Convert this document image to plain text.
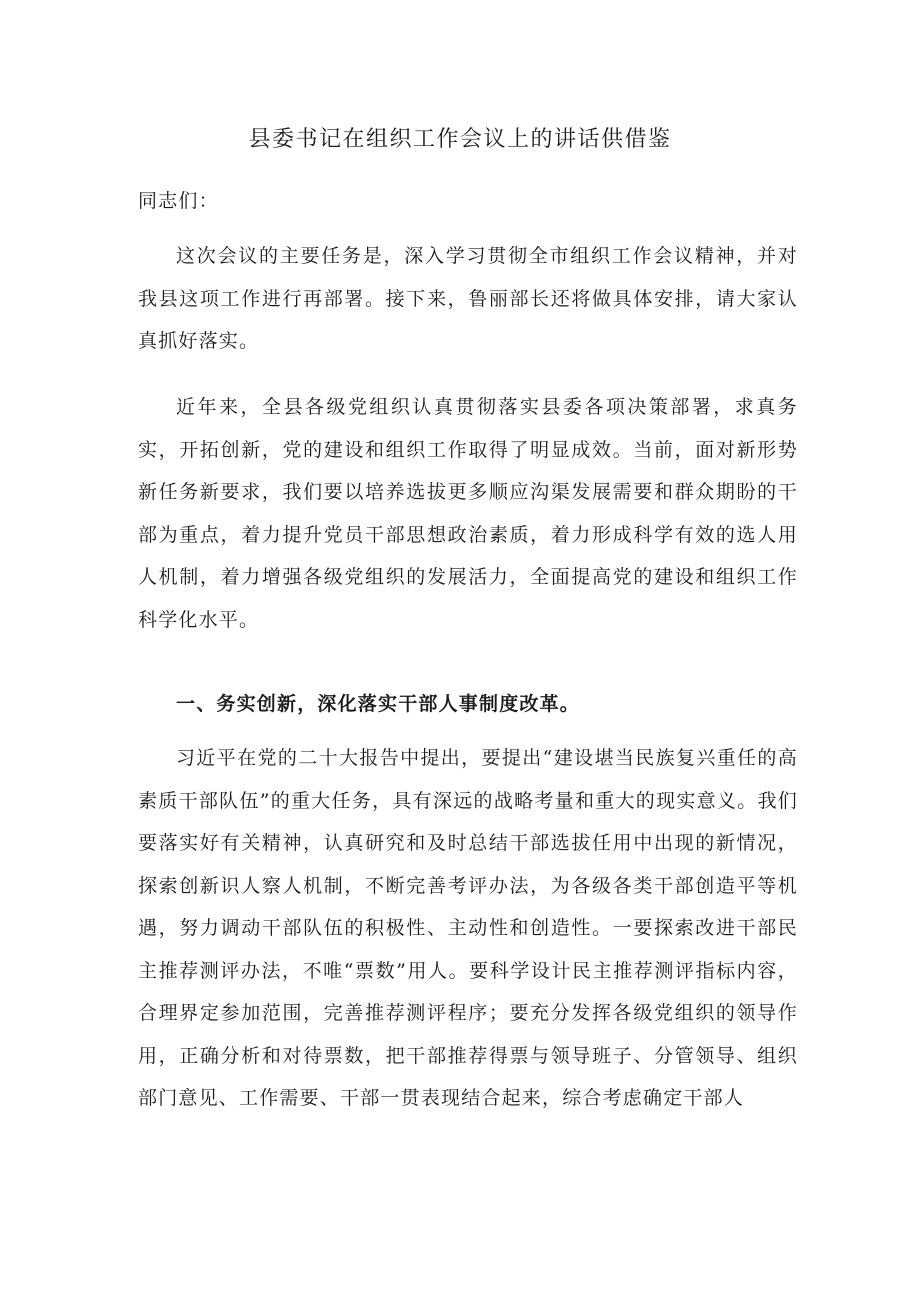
县委书记在组织工作会议上的讲话供借鉴
同志们：
这次会议的主要任务是，深入学习贯彻全市组织工作会议精神，并对我县这项工作进行再部署。接下来，鲁丽部长还将做具体安排，请大家认真抓好落实。
近年来，全县各级党组织认真贯彻落实县委各项决策部署，求真务实，开拓创新，党的建设和组织工作取得了明显成效。当前，面对新形势新任务新要求，我们要以培养选拔更多顺应沟渠发展需要和群众期盼的干部为重点，着力提升党员干部思想政治素质，着力形成科学有效的选人用人机制，着力增强各级党组织的发展活力，全面提高党的建设和组织工作科学化水平。
一、务实创新，深化落实干部人事制度改革。
习近平在党的二十大报告中提出，要提出“建设堪当民族复兴重任的高素质干部队伍”的重大任务，具有深远的战略考量和重大的现实意义。我们要落实好有关精神，认真研究和及时总结干部选拔任用中出现的新情况，探索创新识人察人机制，不断完善考评办法，为各级各类干部创造平等机遇，努力调动干部队伍的积极性、主动性和创造性。一要探索改进干部民主推荐测评办法，不唯“票数”用人。要科学设计民主推荐测评指标内容，合理界定参加范围，完善推荐测评程序；要充分发挥各级党组织的领导作用，正确分析和对待票数，把干部推荐得票与领导班子、分管领导、组织部门意见、工作需要、干部一贯表现结合起来，综合考虑确定干部人
